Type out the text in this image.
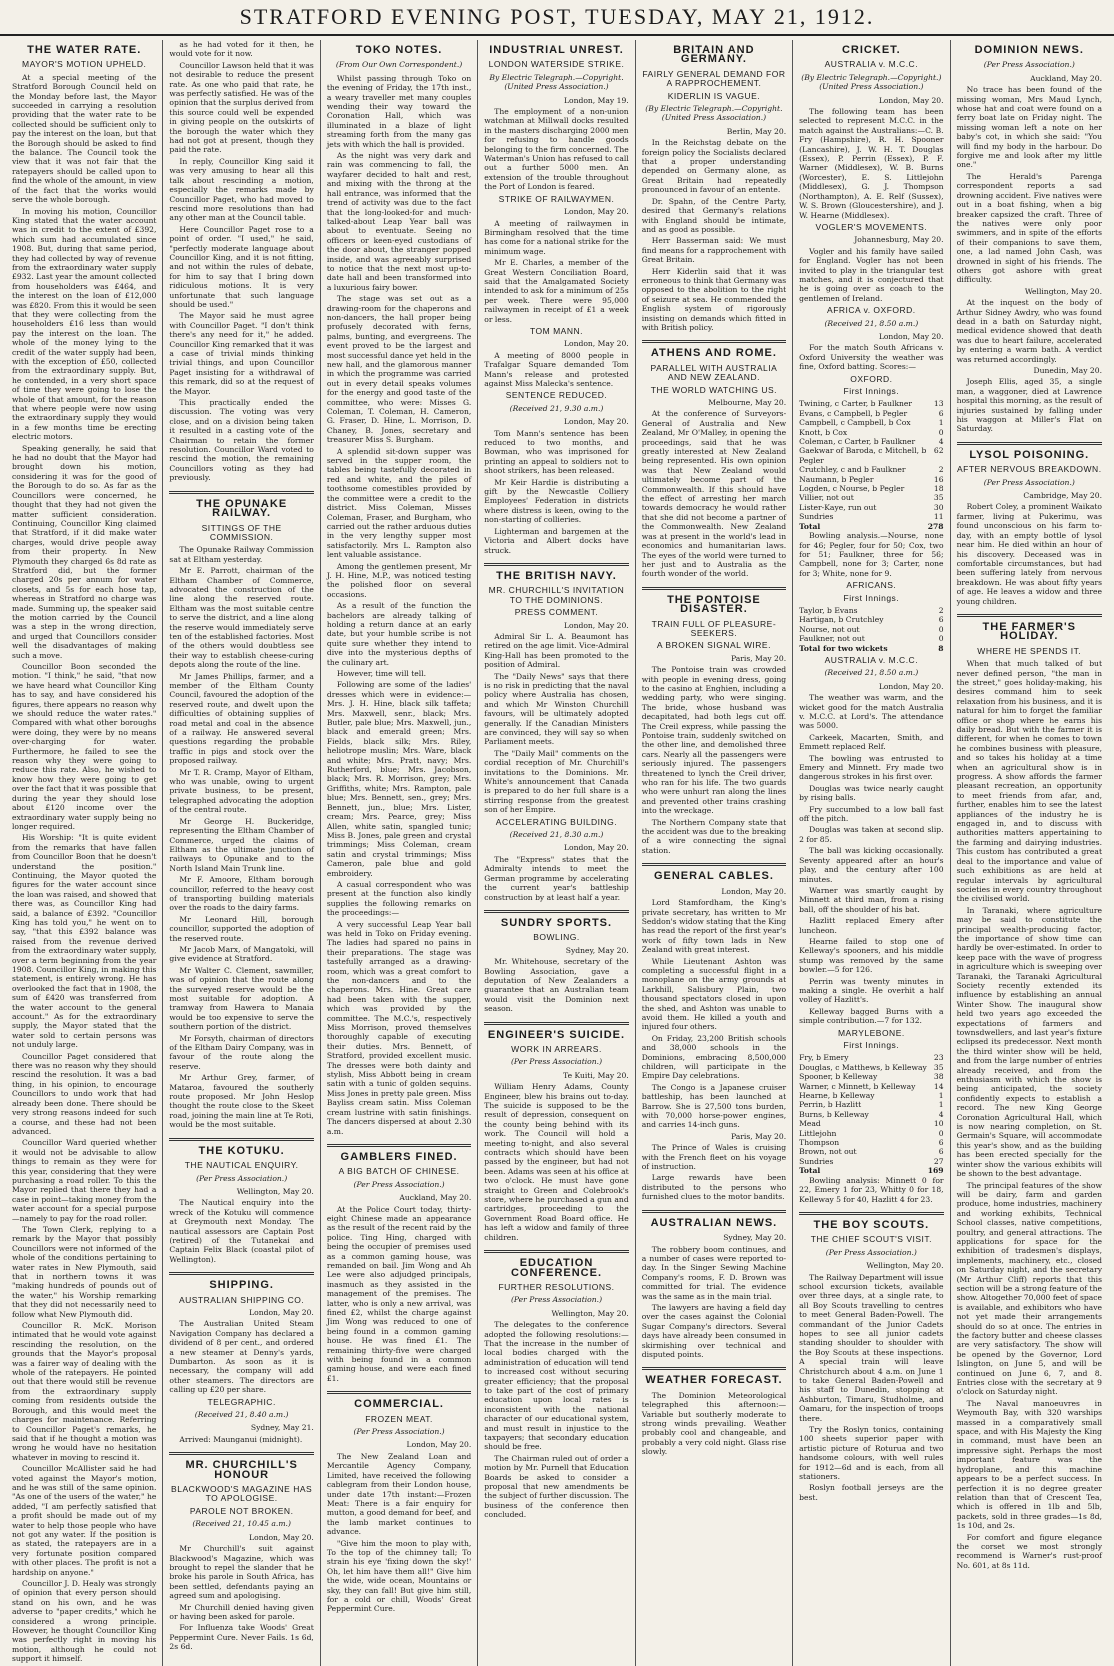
STRATFORD EVENING POST, TUESDAY, MAY 21, 1912.
THE WATER RATE.
MAYOR'S MOTION UPHELD.

At a special meeting of the Stratford Borough Council held on the Monday before last, the Mayor succeeded in carrying a resolution providing that the water rate to be collected should be sufficient only to pay the interest on the loan, but that the Borough should be asked to find the balance. The Council took the view that it was not fair that the ratepayers should be called upon to find the whole of the amount, in view of the fact that the works would serve the whole borough.

In moving his motion, Councillor King stated that the water account was in credit to the extent of £392, which sum had accumulated since 1908. But, during that same period, they had collected by way of revenue from the extraordinary water supply £932. Last year the amount collected from householders was £464, and the interest on the loan of £12,000 was £820. From this it would be seen that they were collecting from the householders £16 less than would pay the interest on the loan. The whole of the money lying to the credit of the water supply had been, with the exception of £50, collected from the extraordinary supply. But, he contended, in a very short space of time they were going to lose the whole of that amount, for the reason that where people were now using the extraordinary supply they would in a few months time be erecting electric motors.

Speaking generally, he said that he had no doubt that the Mayor had brought down his motion, considering it was for the good of the Borough to do so. As far as the Councillors were concerned, he thought that they had not given the matter sufficient consideration. Continuing, Councillor King claimed that Stratford, if it did make water charges, would drive people away from their property. In New Plymouth they charged 6s 8d rate as Stratford did, but the former charged 20s per annum for water closets, and 5s for each hose tap, whereas in Stratford no charge was made. Summing up, the speaker said the motion carried by the Council was a step in the wrong direction, and urged that Councillors consider well the disadvantages of making such a move.

Councillor Boon seconded the motion. "I think," he said, "that now we have heard what Councillor King has to say, and have considered his figures, there appears no reason why we should reduce the water rates." Compared with what other boroughs were doing, they were by no means over-charging for water. Furthermore, he failed to see the reason why they were going to reduce this rate. Also, he wished to know how they were going to get over the fact that it was possible that during the year they should lose about £120 income over the extraordinary water supply being no longer required.

His Worship: "It is quite evident from the remarks that have fallen from Councillor Boon that he doesn't understand the position." Continuing, the Mayor quoted the figures for the water account since the loan was raised, and showed that there was, as Councillor King had said, a balance of £392. "Councillor King has told you," he went on to say, "that this £392 balance was raised from the revenue derived from the extraordinary water supply, over a term beginning from the year 1908. Councillor King, in making this statement, is entirely wrong. He has overlooked the fact that in 1908, the sum of £420 was transferred from the water account to the general account." As for the extraordinary supply, the Mayor stated that the water sold to certain persons was not unduly large.

Councillor Paget considered that there was no reason why they should rescind the resolution. It was a bad thing, in his opinion, to encourage Councillors to undo work that had already been done. There should be very strong reasons indeed for such a course, and these had not been advanced.

Councillor Ward queried whether it would not be advisable to allow things to remain as they were for this year, considering that they were purchasing a road roller. To this the Mayor replied that there they had a case in point—taking money from the water account for a special purpose—namely to pay for the road roller.

The Town Clerk, replying to a remark by the Mayor that possibly Councillors were not informed of the whole of the conditions pertaining to water rates in New Plymouth, said that in northern towns it was "making hundreds of pounds out of the water," his Worship remarking that they did not necessarily need to follow what New Plymouth did.

Councillor R. McK. Morison intimated that he would vote against rescinding the resolution, on the grounds that the Mayor's proposal was a fairer way of dealing with the whole of the ratepayers. He pointed out that there would still be revenue from the extraordinary supply coming from residents outside the Borough, and this would meet the charges for maintenance. Referring to Councillor Paget's remarks, he said that if he thought a motion was wrong he would have no hesitation whatever in moving to rescind it.

Councillor McAllister said he had voted against the Mayor's motion, and he was still of the same opinion. "As one of the users of the water," he added, "I am perfectly satisfied that a profit should be made out of my water to help those people who have not got any water. If the position is as stated, the ratepayers are in a very fortunate position compared with other places. The profit is not a hardship on anyone."

Councillor J. D. Healy was strongly of opinion that every person should stand on his own, and he was adverse to "paper credits," which he considered a wrong principle. However, he thought Councillor King was perfectly right in moving his motion, although he could not support it himself.

as he had voted for it then, he would vote for it now.

Councillor Lawson held that it was not desirable to reduce the present rate. As one who paid that rate, he was perfectly satisfied. He was of the opinion that the surplus derived from this source could well be expended in giving people on the outskirts of the borough the water which they had not got at present, though they paid the rate.

In reply, Councillor King said it was very amusing to hear all this talk about rescinding a motion, especially the remarks made by Councillor Paget, who had moved to rescind more resolutions than had any other man at the Council table.

Here Councillor Paget rose to a point of order. "I used," he said, "perfectly moderate language about Councillor King, and it is not fitting, and not within the rules of debate, for him to say that I bring down ridiculous motions. It is very unfortunate that such language should be used."

The Mayor said he must agree with Councillor Paget. "I don't think there's any need for it," he added. Councillor King remarked that it was a case of trivial minds thinking trivial things, and upon Councillor Paget insisting for a withdrawal of this remark, did so at the request of the Mayor.

This practically ended the discussion. The voting was very close, and on a division being taken it resulted in a casting vote of the Chairman to retain the former resolution. Councillor Ward voted to rescind the motion, the remaining Councillors voting as they had previously.

THE OPUNAKE RAILWAY.
SITTINGS OF THE COMMISSION.

The Opunake Railway Commission sat at Eltham yesterday.

Mr E. Parrott, chairman of the Eltham Chamber of Commerce, advocated the construction of the line along the reserved route. Eltham was the most suitable centre to serve the district, and a line along the reserve would immediately serve ten of the established factories. Most of the others would doubtless see their way to establish cheese-curing depots along the route of the line.

Mr James Phillips, farmer, and a member of the Eltham County Council, favoured the adoption of the reserved route, and dwelt upon the difficulties of obtaining supplies of road metal and coal in the absence of a railway. He answered several questions regarding the probable traffic in pigs and stock over the proposed railway.

Mr T. R. Cramp, Mayor of Eltham, who was unable, owing to urgent private business, to be present, telegraphed advocating the adoption of the central route.

Mr George H. Buckeridge, representing the Eltham Chamber of Commerce, urged the claims of Eltham as the ultimate junction of railways to Opunake and to the North Island Main Trunk line.

Mr F. Amoore, Eltham borough councillor, referred to the heavy cost of transporting building materials over the roads to the dairy farms.

Mr Leonard Hill, borough councillor, supported the adoption of the reserved route.

Mr Jacob Marx, of Mangatoki, will give evidence at Stratford.

Mr Walter C. Clement, sawmiller, was of opinion that the route along the surveyed reserve would be the most suitable for adoption. A tramway from Hawera to Manaia would be too expensive to serve the southern portion of the district.

Mr Forsyth, chairman of directors of the Eltham Dairy Company, was in favour of the route along the reserve.

Mr Arthur Grey, farmer, of Mataroa, favoured the southerly route proposed. Mr John Heslop thought the route close to the Skeet road, joining the main line at Te Roti, would be the most suitable.

THE KOTUKU.
THE NAUTICAL ENQUIRY.
(Per Press Association.)
Wellington, May 20.

The Nautical enquiry into the wreck of the Kotuku will commence at Greymouth next Monday. The nautical assessors are Captain Post (retired) of the Tutanekai and Captain Felix Black (coastal pilot of Wellington).

SHIPPING.
AUSTRALIAN SHIPPING CO.
London, May 20.

The Australian United Steam Navigation Company has declared a dividend of 8 per cent., and ordered a new steamer at Denny's yards, Dumbarton. As soon as it is necessary, the company will add other steamers. The directors are calling up £20 per share.

TELEGRAPHIC.
(Received 21, 8.40 a.m.)
Sydney, May 21.

Arrived: Maunganui (midnight).

MR. CHURCHILL'S HONOUR
BLACKWOOD'S MAGAZINE HAS TO APOLOGISE.
PAROLE NOT BROKEN.
(Received 21, 10.45 a.m.)
London, May 20.

Mr Churchill's suit against Blackwood's Magazine, which was brought to repel the slander that he broke his parole in South Africa, has been settled, defendants paying an agreed sum and apologising.

Mr Churchill denied having given or having been asked for parole.

For Influenza take Woods' Great Peppermint Cure. Never Fails. 1s 6d, 2s 6d.

TOKO NOTES.
(From Our Own Correspondent.)

Whilst passing through Toko on the evening of Friday, the 17th inst., a weary traveller met many couples wending their way toward the Coronation Hall, which was illuminated in a blaze of light streaming forth from the many gas jets with which the hall is provided.

As the night was very dark and rain was commencing to fall, the wayfarer decided to halt and rest, and mixing with the throng at the hall entrance, was informed that the trend of activity was due to the fact that the long-looked-for and much-talked-about Leap Year ball was about to eventuate. Seeing no officers or keen-eyed custodians of the door about, the stranger popped inside, and was agreeably surprised to notice that the next most up-to-date hall and been transformed into a luxurious fairy bower.

The stage was set out as a drawing-room for the chaperons and non-dancers, the hall proper being profusely decorated with ferns, palms, bunting, and evergreens. The event proved to be the largest and most successful dance yet held in the new hall, and the glamorous manner in which the programme was carried out in every detail speaks volumes for the energy and good taste of the committee, who were: Misses G. Coleman, T. Coleman, H. Cameron, G. Fraser, D. Hine, L. Morrison, D. Chaney, B. Jones, secretary and treasurer Miss S. Burgham.

A splendid sit-down supper was served in the supper room, the tables being tastefully decorated in red and white, and the piles of toothsome comestibles provided by the committee were a credit to the district. Miss Coleman, Misses Coleman, Fraser, and Burgham, who carried out the rather arduous duties in the very lengthy supper most satisfactorily. Mrs L. Rampton also lent valuable assistance.

Among the gentlemen present, Mr J. H. Hine, M.P., was noticed testing the polished floor on several occasions.

As a result of the function the bachelors are already talking of holding a return dance at an early date, but your humble scribe is not quite sure whether they intend to dive into the mysterious depths of the culinary art.

However, time will tell.

Following are some of the ladies' dresses which were in evidence:— Mrs. J. H. Hine, black silk taffeta; Mrs. Maxwell, senr., black; Mrs. Butler, pale blue; Mrs. Maxwell, jun., black and emerald green; Mrs. Fields, black silk; Mrs. Riley, heliotrope muslin; Mrs. Ware, black and white; Mrs. Pratt, navy; Mrs. Rutherford, blue; Mrs. Jacobson, black; Mrs. R. Morrison, grey; Mrs. Griffiths, white; Mrs. Rampton, pale blue; Mrs. Bennett, sen., grey; Mrs. Bennett, jun., blue; Mrs. Lister, cream; Mrs. Pearce, grey; Miss Allen, white satin, spangled tunic; Miss B. Jones, pale green and crystal trimmings; Miss Coleman, cream satin and crystal trimmings; Miss Cameron, pale blue and gold embroidery.

A casual correspondent who was present at the function also kindly supplies the following remarks on the proceedings:—

A very successful Leap Year ball was held in Toko on Friday evening. The ladies had spared no pains in their preparations. The stage was tastefully arranged as a drawing-room, which was a great comfort to the non-dancers and to the chaperons. Mrs. Hine. Great care had been taken with the supper, which was provided by the committee. The M.C.'s, respectively Miss Morrison, proved themselves thoroughly capable of executing their duties. Mrs. Bennett, of Stratford, provided excellent music. The dresses were both dainty and stylish, Miss Abbott being in cream satin with a tunic of golden sequins. Miss Jones in pretty pale green. Miss Bayliss cream satin. Miss Coleman cream lustrine with satin finishings. The dancers dispersed at about 2.30 a.m.

GAMBLERS FINED.
A BIG BATCH OF CHINESE.
(Per Press Association.)
Auckland, May 20.

At the Police Court today, thirty-eight Chinese made an appearance as the result of the recent raid by the police. Ting Hing, charged with being the occupier of premises used as a common gaming house, was remanded on bail. Jim Wong and Ah Lee were also adjudged principals, inasmuch as they assisted in the management of the premises. The latter, who is only a new arrival, was fined £2, whilst the charge against Jim Wong was reduced to one of being found in a common gaming house. He was fined £1. The remaining thirty-five were charged with being found in a common gaming house, and were each fined £1.

COMMERCIAL.
FROZEN MEAT.
(Per Press Association.)
London, May 20.

The New Zealand Loan and Mercantile Agency Company, Limited, have received the following cablegram from their London house, under date 17th instant:—Frozen Meat: There is a fair enquiry for mutton, a good demand for beef, and the lamb market continues to advance.

"Give him the moon to play with, To the top of the chimney tall; To strain his eye 'fixing down the sky!' Oh, let him have them all!" Give him the wide, wide ocean, Mountains or sky, they can fall! But give him still, for a cold or chill, Woods' Great Peppermint Cure.

INDUSTRIAL UNREST.
LONDON WATERSIDE STRIKE.
By Electric Telegraph.—Copyright. (United Press Association.)
London, May 19.

The employment of a non-union watchman at Millwall docks resulted in the masters discharging 2000 men for refusing to handle goods belonging to the firm concerned. The Waterman's Union has refused to call out a further 5000 men. An extension of the trouble throughout the Port of London is feared.

STRIKE OF RAILWAYMEN.
London, May 20.

A meeting of railwaymen in Birmingham resolved that the time has come for a national strike for the minimum wage.

Mr E. Charles, a member of the Great Western Conciliation Board, said that the Amalgamated Society intended to ask for a minimum of 25s per week. There were 95,000 railwaymen in receipt of £1 a week or less.

TOM MANN.
London, May 20.

A meeting of 8000 people in Trafalgar Square demanded Tom Mann's release and protested against Miss Malecka's sentence.

SENTENCE REDUCED.
(Received 21, 9.30 a.m.)
London, May 20.

Tom Mann's sentence has been reduced to two months, and Bowman, who was imprisoned for printing an appeal to soldiers not to shoot strikers, has been released.

Mr Keir Hardie is distributing a gift by the Newcastle Colliery Employees' Federation in districts where distress is keen, owing to the non-starting of collieries.

Lighterman and bargemen at the Victoria and Albert docks have struck.

THE BRITISH NAVY.
MR. CHURCHILL'S INVITATION TO THE DOMINIONS.
PRESS COMMENT.
London, May 20.

Admiral Sir L. A. Beaumont has retired on the age limit. Vice-Admiral King-Hall has been promoted to the position of Admiral.

The "Daily News" says that there is no risk in predicting that the naval policy where Australia has chosen, and which Mr Winston Churchill favours, will be ultimately adopted generally. If the Canadian Ministers are convinced, they will say so when Parliament meets.

The "Daily Mail" comments on the cordial reception of Mr. Churchill's invitations to the Dominions. Mr. White's announcement that Canada is prepared to do her full share is a stirring response from the greatest son of her Empire.

ACCELERATING BUILDING.
(Received 21, 8.30 a.m.)
London, May 20.

The "Express" states that the Admiralty intends to meet the German programme by accelerating the current year's battleship construction by at least half a year.

SUNDRY SPORTS.
BOWLING.
Sydney, May 20.

Mr. Whitehouse, secretary of the Bowling Association, gave a deputation of New Zealanders a guarantee that an Australian team would visit the Dominion next season.

ENGINEER'S SUICIDE.
WORK IN ARREARS.
(Per Press Association.)
Te Kuiti, May 20.

William Henry Adams, County Engineer, blew his brains out to-day. The suicide is supposed to be the result of depression, consequent on the county being behind with its work. The Council will hold a meeting to-night, and also several contracts which should have been passed by the engineer, but had not been. Adams was seen at his office at two o'clock. He must have gone straight to Green and Colebrook's store, where he purchased a gun and cartridges, proceeding to the Government Road Board office. He has left a widow and family of three children.

EDUCATION CONFERENCE.
FURTHER RESOLUTIONS.
(Per Press Association.)
Wellington, May 20.

The delegates to the conference adopted the following resolutions:— That the increase in the number of local bodies charged with the administration of education will tend to increased cost without securing greater efficiency; that the proposal to take part of the cost of primary education upon local rates is inconsistent with the national character of our educational system, and must result in injustice to the taxpayers; that secondary education should be free.

The Chairman ruled out of order a motion by Mr. Purnell that Education Boards be asked to consider a proposal that new amendments be the subject of further discussion. The business of the conference then concluded.

BRITAIN AND GERMANY.
FAIRLY GENERAL DEMAND FOR A RAPPROCHEMENT.
KIDERLIN IS VAGUE.
(By Electric Telegraph.—Copyright. (United Press Association.)
Berlin, May 20.

In the Reichstag debate on the foreign policy the Socialists declared that a proper understanding depended on Germany alone, as Great Britain had repeatedly pronounced in favour of an entente.

Dr. Spahn, of the Centre Party, desired that Germany's relations with England should be intimate, and as good as possible.

Herr Basserman said: We must find means for a rapprochement with Great Britain.

Herr Kiderlin said that it was erroneous to think that Germany was opposed to the abolition to the right of seizure at sea. He commended the English system of rigorously insisting on demands which fitted in with British policy.

ATHENS AND ROME.
PARALLEL WITH AUSTRALIA AND NEW ZEALAND.
THE WORLD WATCHING US.
Melbourne, May 20.

At the conference of Surveyors-General of Australia and New Zealand, Mr O'Malley, in opening the proceedings, said that he was greatly interested at New Zealand being represented. His own opinion was that New Zealand would ultimately become part of the Commonwealth. If this should have the effect of arresting her march towards democracy he would rather that she did not become a partner of the Commonwealth. New Zealand was at present in the world's lead in economics and humanitarian laws. The eyes of the world were turned to her just and to Australia as the fourth wonder of the world.

THE PONTOISE DISASTER.
TRAIN FULL OF PLEASURE-SEEKERS.
A BROKEN SIGNAL WIRE.
Paris, May 20.

The Pontoise train was crowded with people in evening dress, going to the casino at Enghien, including a wedding party, who were singing. The bride, whose husband was decapitated, had both legs cut off. The Creil express, while passing the Pontoise train, suddenly switched on the other line, and demolished three cars. Nearly all the passengers were seriously injured. The passengers threatened to lynch the Creil driver, who ran for his life. The two guards who were unhurt ran along the lines and prevented other trains crashing into the wreckage.

The Northern Company state that the accident was due to the breaking of a wire connecting the signal station.

GENERAL CABLES.
London, May 20.

Lord Stamfordham, the King's private secretary, has written to Mr Seddon's widow stating that the King has read the report of the first year's work of fifty town lads in New Zealand with great interest.

While Lieutenant Ashton was completing a successful flight in a monoplane on the army grounds at Larkhill, Salisbury Plain, two thousand spectators closed in upon the shed, and Ashton was unable to avoid them. He killed a youth and injured four others.

On Friday, 23,200 British schools and 38,000 schools in the Dominions, embracing 8,500,000 children, will participate in the Empire Day celebrations.

The Congo is a Japanese cruiser battleship, has been launched at Barrow. She is 27,500 tons burden, with 70,000 horse-power engines, and carries 14-inch guns.

Paris, May 20.

The Prince of Wales is cruising with the French fleet on his voyage of instruction.

Large rewards have been distributed to the persons who furnished clues to the motor bandits.

AUSTRALIAN NEWS.
Sydney, May 20.

The robbery boom continues, and a number of cases were reported to-day. In the Singer Sewing Machine Company's rooms, F. D. Brown was committed for trial. The evidence was the same as in the main trial.

The lawyers are having a field day over the cases against the Colonial Sugar Company's directors. Several days have already been consumed in skirmishing over technical and disputed points.

WEATHER FORECAST.

The Dominion Meteorological telegraphed this afternoon:— Variable but southerly moderate to strong winds prevailing. Weather probably cool and changeable, and probably a very cold night. Glass rise slowly.

CRICKET.
AUSTRALIA v. M.C.C.
(By Electric Telegraph.—Copyright.) (United Press Association.)
London, May 20.

The following team has been selected to represent M.C.C. in the match against the Australians:—C. B. Fry (Hampshire), R. H. Spooner (Lancashire), J. W. H. T. Douglas (Essex), P. Perrin (Essex), P. F. Warner (Middlesex), W. B. Burns (Worcester), E. S. Littlejohn (Middlesex), G. J. Thompson (Northampton), A. E. Relf (Sussex), W. S. Brown (Gloucestershire), and J. W. Hearne (Middlesex).

VOGLER'S MOVEMENTS.
Johannesburg, May 20.

Vogler and his family have sailed for England. Vogler has not been invited to play in the triangular test matches, and it is conjectured that he is going over as coach to the gentlemen of Ireland.

AFRICA v. OXFORD.
(Received 21, 8.50 a.m.)
London, May 20.

For the match South Africans v. Oxford University the weather was fine, Oxford batting. Scores:—

OXFORD.
First Innings.
Twining, c Carter, b Faulkner	13
Evans, c Campbell, b Pegler	6
Campbell, c Campbell, b Cox	1
Knott, b Cox	0
Coleman, c Carter, b Faulkner	4
Gaekwar of Baroda, c Mitchell, b Pegler
62
Crutchley, c and b Faulkner	2
Naumann, b Pegler	16
Logden, c Nourse, b Pegler	18
Villier, not out	35
Lister-Kaye, run out	30
Sundries	11
Total	278

Bowling analysis.—Nourse, none for 46; Pegler, four for 50; Cox, two for 51; Faulkner, three for 56; Campbell, none for 3; Carter, none for 3; White, none for 9.

AFRICANS.
First Innings.
Taylor, b Evans	2
Hartigan, b Crutchley	6
Nourse, not out	0
Faulkner, not out	0
Total for two wickets	8
AUSTRALIA v. M.C.C.
(Received 21, 8.50 a.m.)
London, May 20.

The weather was warm, and the wicket good for the match Australia v. M.C.C. at Lord's. The attendance was 5000.

Carkeek, Macarten, Smith, and Emmett replaced Relf.

The bowling was entrusted to Emery and Minnett. Fry made two dangerous strokes in his first over.

Douglas was twice nearly caught by rising balls.

Fry succumbed to a low ball fast off the pitch.

Douglas was taken at second slip. 2 for 85.

The ball was kicking occasionally. Seventy appeared after an hour's play, and the century after 100 minutes.

Warner was smartly caught by Minnett at third man, from a rising ball, off the shoulder of his bat.

Hazlitt replaced Emery after luncheon.

Hearne failed to stop one of Kelleway's spooners, and his middle stump was removed by the same bowler.—5 for 126.

Perrin was twenty minutes in making a single. He overhit a half volley of Hazlitt's.

Kelleway bagged Burns with a simple contribution.—7 for 132.

MARYLEBONE.
First Innings.
Fry, b Emery	23
Douglas, c Matthews, b Kelleway 35
Spooner, b Kelleway	38
Warner, c Minnett, b Kelleway 14
Hearne, b Kelleway	1
Perrin, b Hazlitt	1
Burns, b Kelleway	4
Mead	10
Littlejohn	0
Thompson	6
Brown, not out	6
Sundries	27
Total	169

Bowling analysis: Minnett 0 for 22, Emery 1 for 23, Whitty 0 for 18, Kelleway 5 for 40, Hazlitt 4 for 23.

THE BOY SCOUTS.
THE CHIEF SCOUT'S VISIT.
(Per Press Association.)
Wellington, May 20.

The Railway Department will issue school excursion tickets, available over three days, at a single rate, to all Boy Scouts travelling to centres to meet General Baden-Powell. The commandant of the Junior Cadets hopes to see all junior cadets standing shoulder to shoulder with the Boy Scouts at these inspections. A special train will leave Christchurch about 4 a.m. on June 1 to take General Baden-Powell and his staff to Dunedin, stopping at Ashburton, Timaru, Studholme, and Oamaru, for the inspection of troops there.

Try the Roslyn tonics, containing 100 sheets superior paper with artistic picture of Roturua and two handsome colours, with well rules for 1912—6d and is each, from all stationers.

Roslyn football jerseys are the best.

DOMINION NEWS.
(Per Press Association.)
Auckland, May 20.

No trace has been found of the missing woman, Mrs Maud Lynch, whose hat and coat were found on a ferry boat late on Friday night. The missing woman left a note on her baby's cot, in which she said: "You will find my body in the harbour. Do forgive me and look after my little one."

The Herald's Parenga correspondent reports a sad drowning accident. Five natives were out in a boat fishing, when a big breaker capsized the craft. Three of the natives were only poor swimmers, and in spite of the efforts of their companions to save them, one, a lad named John Cash, was drowned in sight of his friends. The others got ashore with great difficulty.

Wellington, May 20.

At the inquest on the body of Arthur Sidney Awdry, who was found dead in a bath on Saturday night, medical evidence showed that death was due to heart failure, accelerated by entering a warm bath. A verdict was returned accordingly.

Dunedin, May 20.

Joseph Ellis, aged 35, a single man, a waggoner, died at Lawrence hospital this morning, as the result of injuries sustained by falling under his waggon at Miller's Flat on Saturday.

LYSOL POISONING.
AFTER NERVOUS BREAKDOWN.
(Per Press Association.)
Cambridge, May 20.

Robert Coley, a prominent Waikato farmer, living at Pukerimu, was found unconscious on his farm to-day, with an empty bottle of lysol near him. He died within an hour of his discovery. Deceased was in comfortable circumstances, but had been suffering lately from nervous breakdown. He was about fifty years of age. He leaves a widow and three young children.

THE FARMER'S HOLIDAY.
WHERE HE SPENDS IT.

When that much talked of but never defined person, "the man in the street," goes holiday-making, his desires command him to seek relaxation from his business, and it is natural for him to forget the familiar office or shop where he earns his daily bread. But with the farmer it is different, for when he comes to town he combines business with pleasure, and so takes his holiday at a time when an agricultural show is in progress. A show affords the farmer pleasant recreation, an opportunity to meet friends from afar, and, further, enables him to see the latest appliances of the industry he is engaged in, and to discuss with authorities matters appertaining to the farming and dairying industries. This custom has contributed a great deal to the importance and value of such exhibitions as are held at regular intervals by agricultural societies in every country throughout the civilised world.

In Taranaki, where agriculture may be said to constitute the principal wealth-producing factor, the importance of show time can hardly be over-estimated. In order to keep pace with the wave of progress in agriculture which is sweeping over Taranaki, the Taranaki Agricultural Society recently extended its influence by establishing an annual Winter Show. The inaugural show held two years ago exceeded the expectations of farmers and townsdwellers, and last year's fixture eclipsed its predecessor. Next month the third winter show will be held, and from the large number of entries already received, and from the enthusiasm with which the show is being anticipated, the society confidently expects to establish a record. The new King George Coronation Agricultural Hall, which is now nearing completion, on St. Germain's Square, will accommodate this year's show, and as the building has been erected specially for the winter show the various exhibits will be shown to the best advantage.

The principal features of the show will be dairy, farm and garden produce, home industries, machinery and working exhibits, Technical School classes, native competitions, poultry, and general attractions. The applications for space for the exhibition of tradesmen's displays, implements, machinery, etc., closed on Saturday night, and the secretary (Mr Arthur Cliff) reports that this section will be a strong feature of the show. Altogether 70,000 feet of space is available, and exhibitors who have not yet made their arrangements should do so at once. The entries in the factory butter and cheese classes are very satisfactory. The show will be opened by the Governor, Lord Islington, on June 5, and will be continued on June 6, 7, and 8. Entries close with the secretary at 9 o'clock on Saturday night.

The Naval manoeuvres in Weymouth Bay, with 320 warships massed in a comparatively small space, and with His Majesty the King in command, must have been an impressive sight. Perhaps the most important feature was the hydroplane, and this machine appears to be a perfect success. In perfection it is no degree greater relation than that of Crescent Tea, which is offered in 1lb and 5lb, packets, sold in three grades—1s 8d, 1s 10d, and 2s.

For comfort and figure elegance the corset we most strongly recommend is Warner's rust-proof No. 601, at 8s 11d.
